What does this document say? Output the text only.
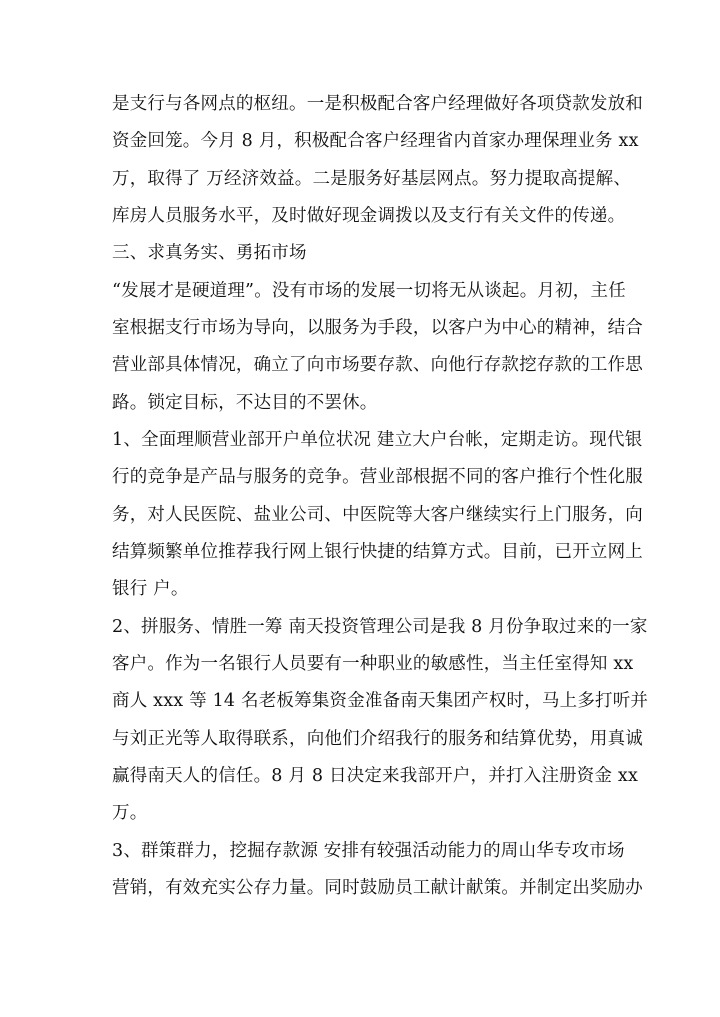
是支行与各网点的枢纽。一是积极配合客户经理做好各项贷款发放和
资金回笼。今月 8 月，积极配合客户经理省内首家办理保理业务 xx
万，取得了 万经济效益。二是服务好基层网点。努力提取高提解、
库房人员服务水平，及时做好现金调拨以及支行有关文件的传递。
三、求真务实、勇拓市场
“发展才是硬道理”。没有市场的发展一切将无从谈起。月初，主任
室根据支行市场为导向，以服务为手段，以客户为中心的精神，结合
营业部具体情况，确立了向市场要存款、向他行存款挖存款的工作思
路。锁定目标，不达目的不罢休。
1、全面理顺营业部开户单位状况 建立大户台帐，定期走访。现代银
行的竞争是产品与服务的竞争。营业部根据不同的客户推行个性化服
务，对人民医院、盐业公司、中医院等大客户继续实行上门服务，向
结算频繁单位推荐我行网上银行快捷的结算方式。目前，已开立网上
银行 户。
2、拼服务、情胜一筹 南天投资管理公司是我 8 月份争取过来的一家
客户。作为一名银行人员要有一种职业的敏感性，当主任室得知 xx
商人 xxx 等 14 名老板筹集资金准备南天集团产权时，马上多打听并
与刘正光等人取得联系，向他们介绍我行的服务和结算优势，用真诚
赢得南天人的信任。8 月 8 日决定来我部开户，并打入注册资金 xx
万。
3、群策群力，挖掘存款源 安排有较强活动能力的周山华专攻市场
营销，有效充实公存力量。同时鼓励员工献计献策。并制定出奖励办
